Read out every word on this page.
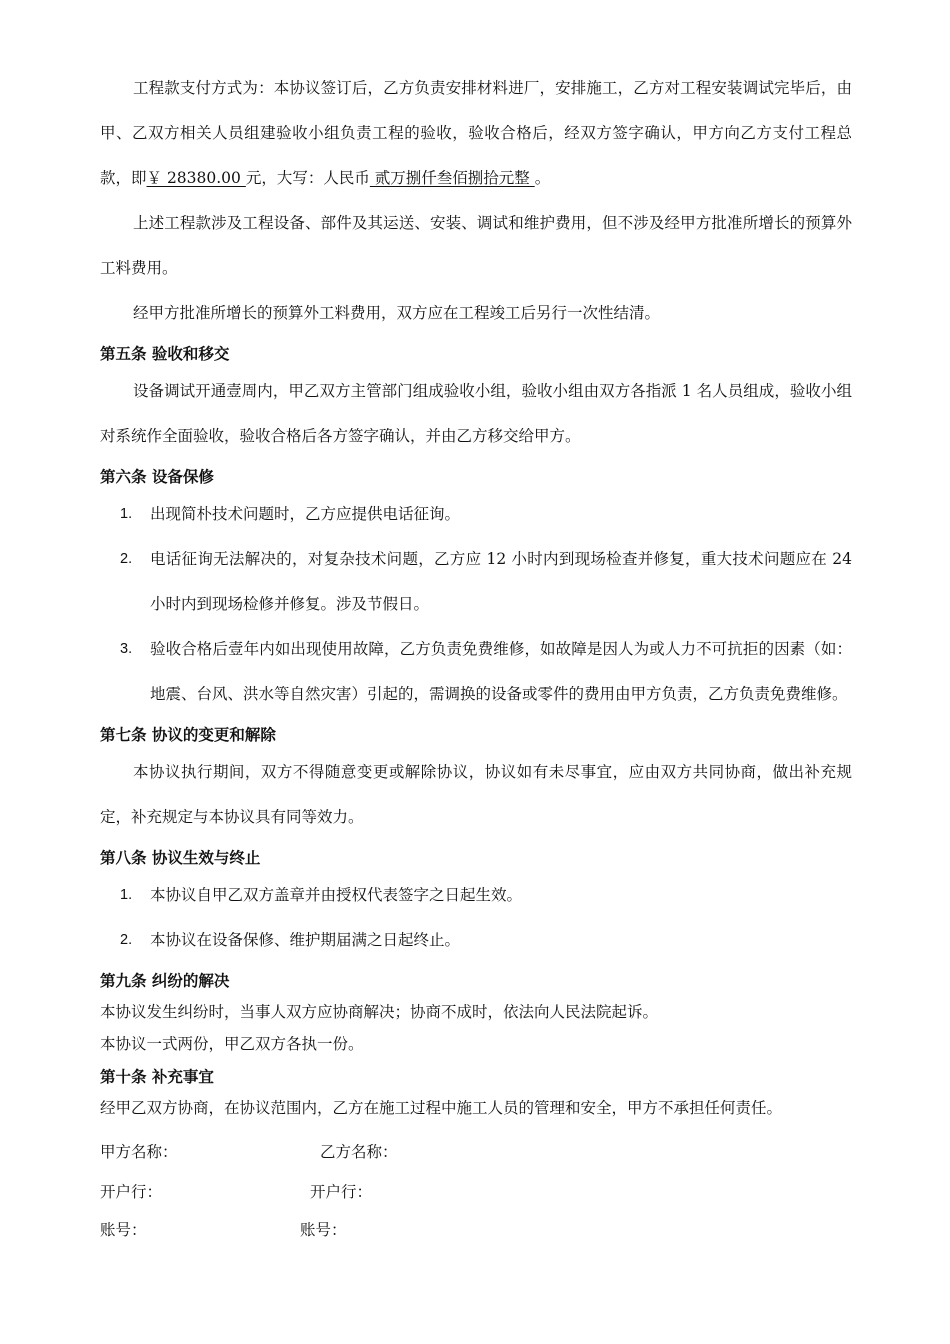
工程款支付方式为：本协议签订后，乙方负责安排材料进厂，安排施工，乙方对工程安装调试完毕后，由甲、乙双方相关人员组建验收小组负责工程的验收，验收合格后，经双方签字确认，甲方向乙方支付工程总款，即￥ 28380.00 元，大写：人民币 贰万捌仟叁佰捌拾元整 。

上述工程款涉及工程设备、部件及其运送、安装、调试和维护费用，但不涉及经甲方批准所增长的预算外工料费用。

经甲方批准所增长的预算外工料费用，双方应在工程竣工后另行一次性结清。

第五条 验收和移交

设备调试开通壹周内，甲乙双方主管部门组成验收小组，验收小组由双方各指派 1 名人员组成，验收小组对系统作全面验收，验收合格后各方签字确认，并由乙方移交给甲方。

第六条 设备保修
1.	出现简朴技术问题时，乙方应提供电话征询。
2.	电话征询无法解决的，对复杂技术问题，乙方应 12 小时内到现场检查并修复，重大技术问题应在 24 小时内到现场检修并修复。涉及节假日。
3.	验收合格后壹年内如出现使用故障，乙方负责免费维修，如故障是因人为或人力不可抗拒的因素（如：地震、台风、洪水等自然灾害）引起的，需调换的设备或零件的费用由甲方负责，乙方负责免费维修。
第七条 协议的变更和解除

本协议执行期间，双方不得随意变更或解除协议，协议如有未尽事宜，应由双方共同协商，做出补充规定，补充规定与本协议具有同等效力。

第八条 协议生效与终止
1.	本协议自甲乙双方盖章并由授权代表签字之日起生效。
2.	本协议在设备保修、维护期届满之日起终止。
第九条 纠纷的解决

本协议发生纠纷时，当事人双方应协商解决；协商不成时，依法向人民法院起诉。

本协议一式两份，甲乙双方各执一份。

第十条 补充事宜

经甲乙双方协商，在协议范围内，乙方在施工过程中施工人员的管理和安全，甲方不承担任何责任。

甲方名称：	乙方名称：
开户行：	开户行：
账号：	账号：
